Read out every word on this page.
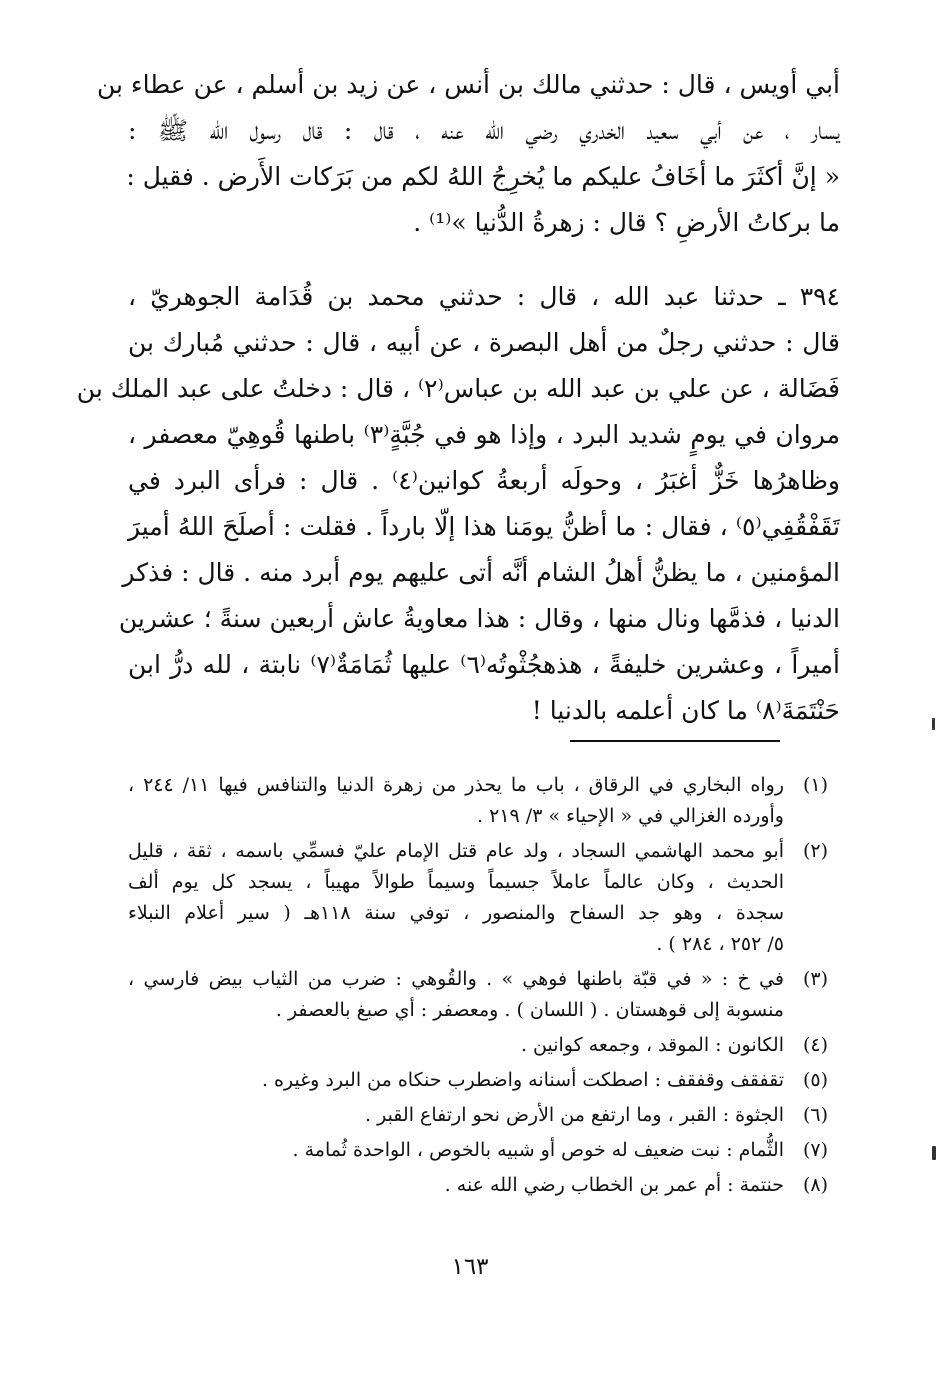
أبي أويس ، قال : حدثني مالك بن أنس ، عن زيد بن أسلم ، عن عطاء بن
يسار ، عن أبي سعيد الخدري رضي الله عنه ، قال : قال رسول الله ﷺ :
« إنَّ أكثَرَ ما أخَافُ عليكم ما يُخرِجُ اللهُ لكم من بَرَكات الأَرض . فقيل :
ما بركاتُ الأرضِ ؟ قال : زهرةُ الدُّنيا »⁽¹⁾ .
٣٩٤ ـ حدثنا عبد الله ، قال : حدثني محمد بن قُدَامة الجوهريّ ،
قال : حدثني رجلٌ من أهل البصرة ، عن أبيه ، قال : حدثني مُبارك بن
فَضَالة ، عن علي بن عبد الله بن عباس⁽٢⁾ ، قال : دخلتُ على عبد الملك بن
مروان في يومٍ شديد البرد ، وإذا هو في جُبَّةٍ⁽٣⁾ باطنها قُوهِيّ معصفر ،
وظاهرُها خَزٌّ أغبَرُ ، وحولَه أربعةُ كوانين⁽٤⁾ . قال : فرأى البرد في
تَقَفْقُفِي⁽٥⁾ ، فقال : ما أظنُّ يومَنا هذا إلّا بارداً . فقلت : أصلَحَ اللهُ أميرَ
المؤمنين ، ما يظنُّ أهلُ الشام أنَّه أتى عليهم يوم أبرد منه . قال : فذكر
الدنيا ، فذمَّها ونال منها ، وقال : هذا معاويةُ عاش أربعين سنةً ؛ عشرين
أميراً ، وعشرين خليفةً ، هذهجُثْوتُه⁽٦⁾ عليها ثُمَامَةٌ⁽٧⁾ نابتة ، لله درُّ ابن
حَنْتَمَةَ⁽٨⁾ ما كان أعلمه بالدنيا !
(١)
رواه البخاري في الرقاق ، باب ما يحذر من زهرة الدنيا والتنافس فيها ١١/ ٢٤٤ ،
وأورده الغزالي في « الإحياء » ٣/ ٢١٩ .
(٢)
أبو محمد الهاشمي السجاد ، ولد عام قتل الإمام عليّ فسمِّي باسمه ، ثقة ، قليل
الحديث ، وكان عالماً عاملاً جسيماً وسيماً طوالاً مهيباً ، يسجد كل يوم ألف
سجدة ، وهو جد السفاح والمنصور ، توفي سنة ١١٨هـ ( سير أعلام النبلاء
٥/ ٢٥٢ ، ٢٨٤ ) .
(٣)
في خ : « في قبّة باطنها فوهي » . والقُوهي : ضرب من الثياب بيض فارسي ،
منسوبة إلى قوهستان . ( اللسان ) . ومعصفر : أي صبغ بالعصفر .
(٤)
الكانون : الموقد ، وجمعه كوانين .
(٥)
تقفقف وقفقف : اصطكت أسنانه واضطرب حنكاه من البرد وغيره .
(٦)
الجثوة : القبر ، وما ارتفع من الأرض نحو ارتفاع القبر .
(٧)
الثُّمام : نبت ضعيف له خوص أو شبيه بالخوص ، الواحدة ثُمامة .
(٨)
حنتمة : أم عمر بن الخطاب رضي الله عنه .
١٦٣
